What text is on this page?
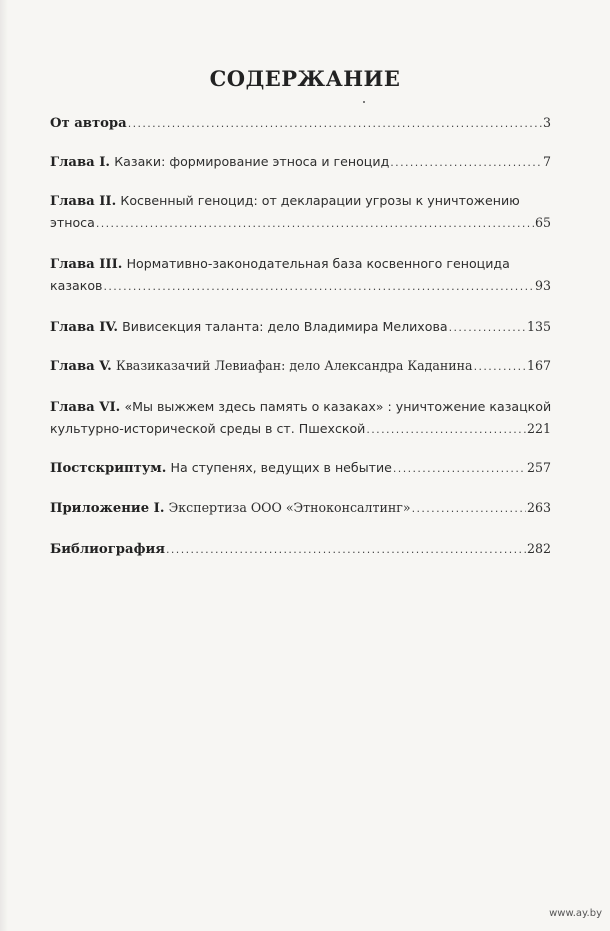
СОДЕРЖАНИЕ
От автора .....	3
Глава I.
Казаки: формирование этноса и геноцид .....	7
Глава II.
Косвенный геноцид: от декларации угрозы к уничтожению
этноса .....	65
Глава III.
Нормативно-законодательная база косвенного геноцида
казаков .....	93
Глава IV.
Вивисекция таланта: дело Владимира Мелихова .....	135
Глава V.
Квазиказачий Левиафан: дело Александра Каданина .....	167
Глава VI.
«Мы выжжем здесь память о казаках» : уничтожение казацкой
культурно-исторической среды в ст. Пшехской .....	221
Постскриптум.
На ступенях, ведущих в небытие .....	257
Приложение I.
Экспертиза ООО «Этноконсалтинг» .....	263
Библиография .....	282
www.ay.by
